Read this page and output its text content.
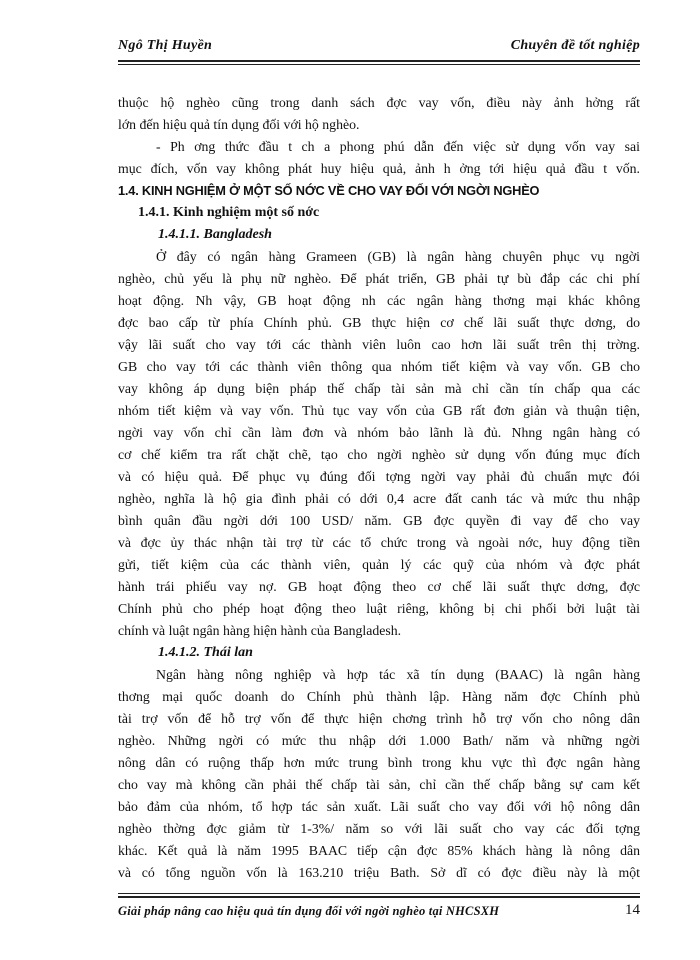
Ngô Thị Huyền	Chuyên đề tốt nghiệp
thuộc hộ nghèo cũng trong danh sách đợc vay vốn, điều này ảnh hởng rất
lớn đến hiệu quả tín dụng đối với hộ nghèo.
- Ph ơng thức đầu t ch a phong phú dẫn đến việc sử dụng vốn vay sai
mục đích, vốn vay không phát huy hiệu quả, ảnh h ởng tới hiệu quả đầu t vốn.
1.4. KINH NGHIỆM Ở MỘT SỐ NỚC VỀ CHO VAY ĐỐI VỚI NGỜI NGHÈO
1.4.1. Kinh nghiệm một số nớc
1.4.1.1. Bangladesh
Ở đây có ngân hàng Grameen (GB) là ngân hàng chuyên phục vụ ngời
nghèo, chủ yếu là phụ nữ nghèo. Để phát triển, GB phải tự bù đắp các chi phí
hoạt động. Nh vậy, GB hoạt động nh các ngân hàng thơng mại khác không
đợc bao cấp từ phía Chính phủ. GB thực hiện cơ chế lãi suất thực dơng, do
vậy lãi suất cho vay tới các thành viên luôn cao hơn lãi suất trên thị trờng.
GB cho vay tới các thành viên thông qua nhóm tiết kiệm và vay vốn. GB cho
vay không áp dụng biện pháp thế chấp tài sản mà chỉ cần tín chấp qua các
nhóm tiết kiệm và vay vốn. Thủ tục vay vốn của GB rất đơn giản và thuận tiện,
ngời vay vốn chỉ cần làm đơn và nhóm bảo lãnh là đủ. Nhng ngân hàng có
cơ chế kiểm tra rất chặt chẽ, tạo cho ngời nghèo sử dụng vốn đúng mục đích
và có hiệu quả. Để phục vụ đúng đối tợng ngời vay phải đủ chuẩn mực đói
nghèo, nghĩa là hộ gia đình phải có dới 0,4 acre đất canh tác và mức thu nhập
bình quân đầu ngời dới 100 USD/ năm. GB đợc quyền đi vay để cho vay
và đợc ủy thác nhận tài trợ từ các tổ chức trong và ngoài nớc, huy động tiền
gửi, tiết kiệm của các thành viên, quản lý các quỹ của nhóm và đợc phát
hành trái phiếu vay nợ. GB hoạt động theo cơ chế lãi suất thực dơng, đợc
Chính phủ cho phép hoạt động theo luật riêng, không bị chi phối bởi luật tài
chính và luật ngân hàng hiện hành của Bangladesh.
1.4.1.2. Thái lan
Ngân hàng nông nghiệp và hợp tác xã tín dụng (BAAC) là ngân hàng
thơng mại quốc doanh do Chính phủ thành lập. Hàng năm đợc Chính phủ
tài trợ vốn để hỗ trợ vốn để thực hiện chơng trình hỗ trợ vốn cho nông dân
nghèo. Những ngời có mức thu nhập dới 1.000 Bath/ năm và những ngời
nông dân có ruộng thấp hơn mức trung bình trong khu vực thì đợc ngân hàng
cho vay mà không cần phải thế chấp tài sản, chỉ cần thế chấp bằng sự cam kết
bảo đảm của nhóm, tổ hợp tác sản xuất. Lãi suất cho vay đối với hộ nông dân
nghèo thờng đợc giảm từ 1-3%/ năm so với lãi suất cho vay các đối tợng
khác. Kết quả là năm 1995 BAAC tiếp cận đợc 85% khách hàng là nông dân
và có tổng nguồn vốn là 163.210 triệu Bath. Sở dĩ có đợc điều này là một
Giải pháp nâng cao hiệu quả tín dụng đối với ngời nghèo tại NHCSXH	14
